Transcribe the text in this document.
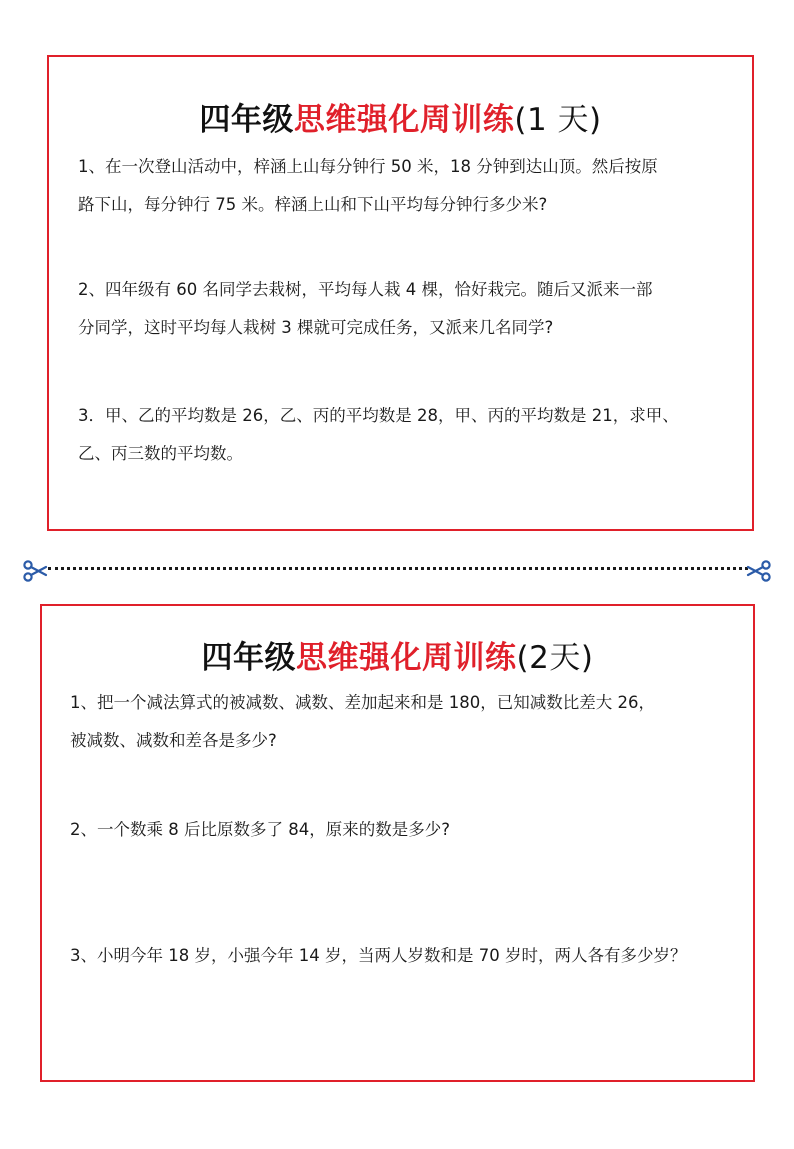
四年级思维强化周训练(1 天)

1、在一次登山活动中，梓涵上山每分钟行 50 米，18 分钟到达山顶。然后按原
路下山，每分钟行 75 米。梓涵上山和下山平均每分钟行多少米?

2、四年级有 60 名同学去栽树，平均每人栽 4 棵，恰好栽完。随后又派来一部
分同学，这时平均每人栽树 3 棵就可完成任务，又派来几名同学?

3．甲、乙的平均数是 26，乙、丙的平均数是 28，甲、丙的平均数是 21，求甲、
乙、丙三数的平均数。

四年级思维强化周训练(2天)

1、把一个减法算式的被减数、减数、差加起来和是 180，已知减数比差大 26，
被减数、减数和差各是多少?

2、一个数乘 8 后比原数多了 84，原来的数是多少?

3、小明今年 18 岁，小强今年 14 岁，当两人岁数和是 70 岁时，两人各有多少岁？
